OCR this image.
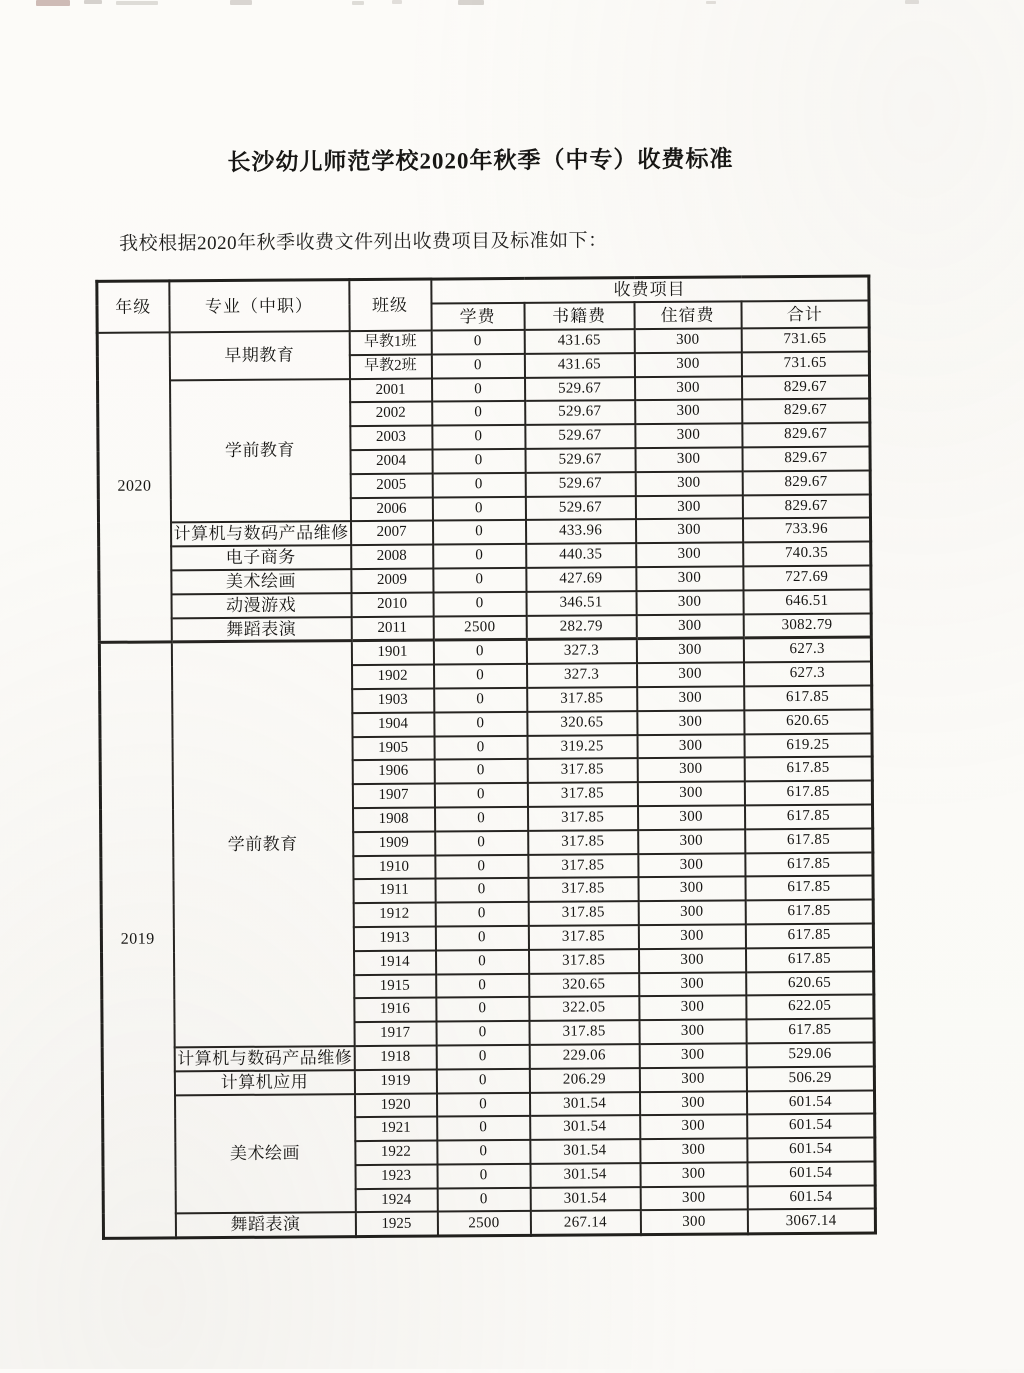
长沙幼儿师范学校2020年秋季（中专）收费标准

我校根据2020年秋季收费文件列出收费项目及标准如下：

年级	专业（中职）	班级	收费项目			
			学费	书籍费	住宿费	合计
2020	早期教育	早教1班	0	431.65	300	731.65
		早教2班	0	431.65	300	731.65
	学前教育	2001	0	529.67	300	829.67
		2002	0	529.67	300	829.67
		2003	0	529.67	300	829.67
		2004	0	529.67	300	829.67
		2005	0	529.67	300	829.67
		2006	0	529.67	300	829.67
	计算机与数码产品维修	2007	0	433.96	300	733.96
	电子商务	2008	0	440.35	300	740.35
	美术绘画	2009	0	427.69	300	727.69
	动漫游戏	2010	0	346.51	300	646.51
	舞蹈表演	2011	2500	282.79	300	3082.79
2019	学前教育	1901	0	327.3	300	627.3
		1902	0	327.3	300	627.3
		1903	0	317.85	300	617.85
		1904	0	320.65	300	620.65
		1905	0	319.25	300	619.25
		1906	0	317.85	300	617.85
		1907	0	317.85	300	617.85
		1908	0	317.85	300	617.85
		1909	0	317.85	300	617.85
		1910	0	317.85	300	617.85
		1911	0	317.85	300	617.85
		1912	0	317.85	300	617.85
		1913	0	317.85	300	617.85
		1914	0	317.85	300	617.85
		1915	0	320.65	300	620.65
		1916	0	322.05	300	622.05
		1917	0	317.85	300	617.85
	计算机与数码产品维修	1918	0	229.06	300	529.06
	计算机应用	1919	0	206.29	300	506.29
	美术绘画	1920	0	301.54	300	601.54
		1921	0	301.54	300	601.54
		1922	0	301.54	300	601.54
		1923	0	301.54	300	601.54
		1924	0	301.54	300	601.54
	舞蹈表演	1925	2500	267.14	300	3067.14
